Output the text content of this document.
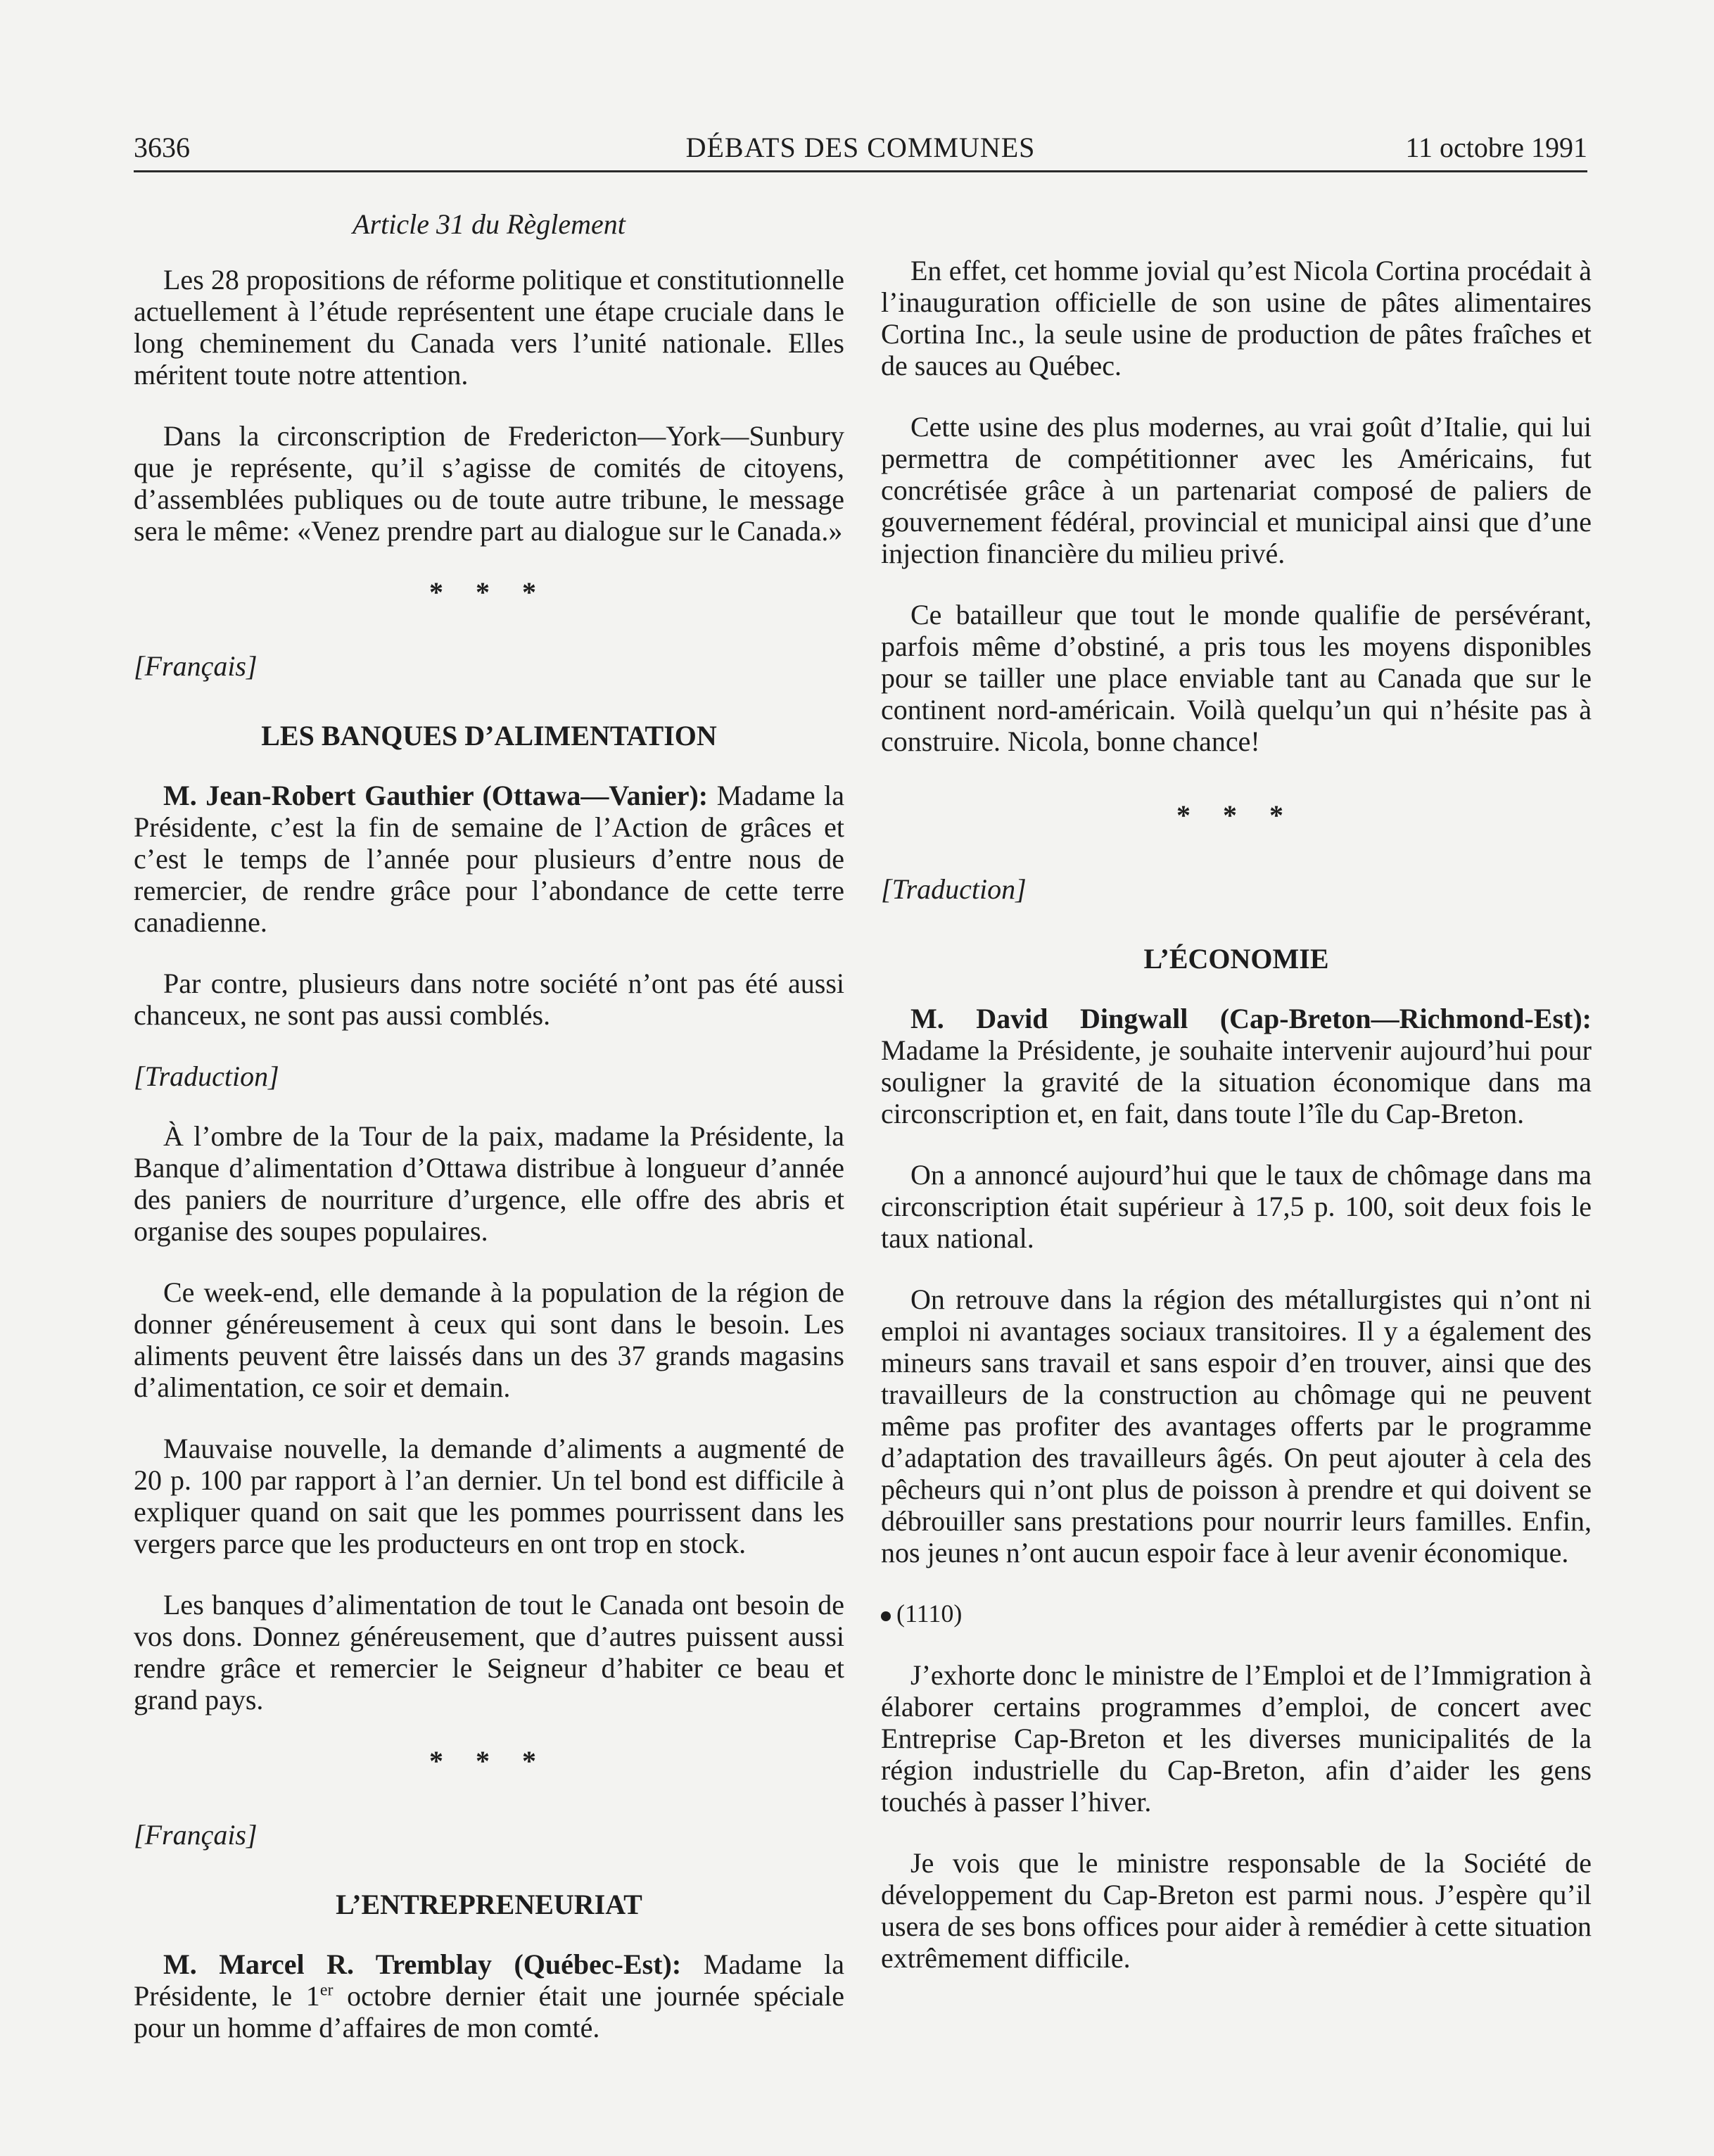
3636	DÉBATS DES COMMUNES	11 octobre 1991
Article 31 du Règlement

Les 28 propositions de réforme politique et constitutionnelle actuellement à l’étude représentent une étape cruciale dans le long cheminement du Canada vers l’unité nationale. Elles méritent toute notre attention.

Dans la circonscription de Fredericton—York—Sunbury que je représente, qu’il s’agisse de comités de citoyens, d’assemblées publiques ou de toute autre tribune, le message sera le même: «Venez prendre part au dialogue sur le Canada.»

* * *
[Français]
LES BANQUES D’ALIMENTATION

M. Jean-Robert Gauthier (Ottawa—Vanier): Madame la Présidente, c’est la fin de semaine de l’Action de grâces et c’est le temps de l’année pour plusieurs d’entre nous de remercier, de rendre grâce pour l’abondance de cette terre canadienne.

Par contre, plusieurs dans notre société n’ont pas été aussi chanceux, ne sont pas aussi comblés.

[Traduction]

À l’ombre de la Tour de la paix, madame la Présidente, la Banque d’alimentation d’Ottawa distribue à longueur d’année des paniers de nourriture d’urgence, elle offre des abris et organise des soupes populaires.

Ce week-end, elle demande à la population de la région de donner généreusement à ceux qui sont dans le besoin. Les aliments peuvent être laissés dans un des 37 grands magasins d’alimentation, ce soir et demain.

Mauvaise nouvelle, la demande d’aliments a augmenté de 20 p. 100 par rapport à l’an dernier. Un tel bond est difficile à expliquer quand on sait que les pommes pourrissent dans les vergers parce que les producteurs en ont trop en stock.

Les banques d’alimentation de tout le Canada ont besoin de vos dons. Donnez généreusement, que d’autres puissent aussi rendre grâce et remercier le Seigneur d’habiter ce beau et grand pays.

* * *
[Français]
L’ENTREPRENEURIAT

M. Marcel R. Tremblay (Québec-Est): Madame la Présidente, le 1er octobre dernier était une journée spéciale pour un homme d’affaires de mon comté.

En effet, cet homme jovial qu’est Nicola Cortina procédait à l’inauguration officielle de son usine de pâtes alimentaires Cortina Inc., la seule usine de production de pâtes fraîches et de sauces au Québec.

Cette usine des plus modernes, au vrai goût d’Italie, qui lui permettra de compétitionner avec les Américains, fut concrétisée grâce à un partenariat composé de paliers de gouvernement fédéral, provincial et municipal ainsi que d’une injection financière du milieu privé.

Ce batailleur que tout le monde qualifie de persévérant, parfois même d’obstiné, a pris tous les moyens disponibles pour se tailler une place enviable tant au Canada que sur le continent nord-américain. Voilà quelqu’un qui n’hésite pas à construire. Nicola, bonne chance!

* * *
[Traduction]
L’ÉCONOMIE

M. David Dingwall (Cap-Breton—Richmond-Est): Madame la Présidente, je souhaite intervenir aujourd’hui pour souligner la gravité de la situation économique dans ma circonscription et, en fait, dans toute l’île du Cap-Breton.

On a annoncé aujourd’hui que le taux de chômage dans ma circonscription était supérieur à 17,5 p. 100, soit deux fois le taux national.

On retrouve dans la région des métallurgistes qui n’ont ni emploi ni avantages sociaux transitoires. Il y a également des mineurs sans travail et sans espoir d’en trouver, ainsi que des travailleurs de la construction au chômage qui ne peuvent même pas profiter des avantages offerts par le programme d’adaptation des travailleurs âgés. On peut ajouter à cela des pêcheurs qui n’ont plus de poisson à prendre et qui doivent se débrouiller sans prestations pour nourrir leurs familles. Enfin, nos jeunes n’ont aucun espoir face à leur avenir économique.

(1110)

J’exhorte donc le ministre de l’Emploi et de l’Immigration à élaborer certains programmes d’emploi, de concert avec Entreprise Cap-Breton et les diverses municipalités de la région industrielle du Cap-Breton, afin d’aider les gens touchés à passer l’hiver.

Je vois que le ministre responsable de la Société de développement du Cap-Breton est parmi nous. J’espère qu’il usera de ses bons offices pour aider à remédier à cette situation extrêmement difficile.
